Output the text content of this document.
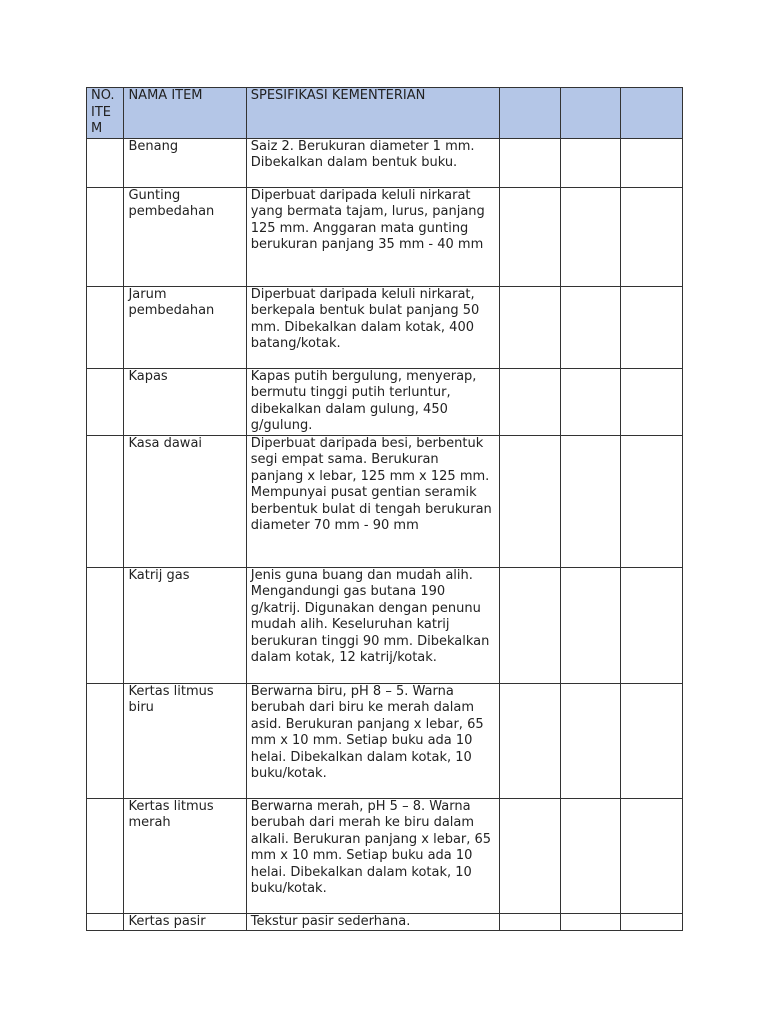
NO. ITE M	NAMA ITEM	SPESIFIKASI KEMENTERIAN			
	Benang	Saiz 2. Berukuran diameter 1 mm. Dibekalkan dalam bentuk buku.			
	Gunting pembedahan	Diperbuat daripada keluli nirkarat yang bermata tajam, lurus, panjang 125 mm. Anggaran mata gunting berukuran panjang 35 mm - 40 mm			
	Jarum pembedahan	Diperbuat daripada keluli nirkarat, berkepala bentuk bulat panjang 50 mm. Dibekalkan dalam kotak, 400 batang/kotak.			
	Kapas	Kapas putih bergulung, menyerap, bermutu tinggi putih terluntur, dibekalkan dalam gulung, 450 g/gulung.			
	Kasa dawai	Diperbuat daripada besi, berbentuk segi empat sama. Berukuran panjang x lebar, 125 mm x 125 mm. Mempunyai pusat gentian seramik berbentuk bulat di tengah berukuran diameter 70 mm - 90 mm			
	Katrij gas	Jenis guna buang dan mudah alih. Mengandungi gas butana 190 g/katrij. Digunakan dengan penunu mudah alih. Keseluruhan katrij berukuran tinggi 90 mm. Dibekalkan dalam kotak, 12 katrij/kotak.			
	Kertas litmus biru	Berwarna biru, pH 8 – 5. Warna berubah dari biru ke merah dalam asid. Berukuran panjang x lebar, 65 mm x 10 mm. Setiap buku ada 10 helai. Dibekalkan dalam kotak, 10 buku/kotak.			
	Kertas litmus merah	Berwarna merah, pH 5 – 8. Warna berubah dari merah ke biru dalam alkali. Berukuran panjang x lebar, 65 mm x 10 mm. Setiap buku ada 10 helai. Dibekalkan dalam kotak, 10 buku/kotak.			
	Kertas pasir	Tekstur pasir sederhana.			
